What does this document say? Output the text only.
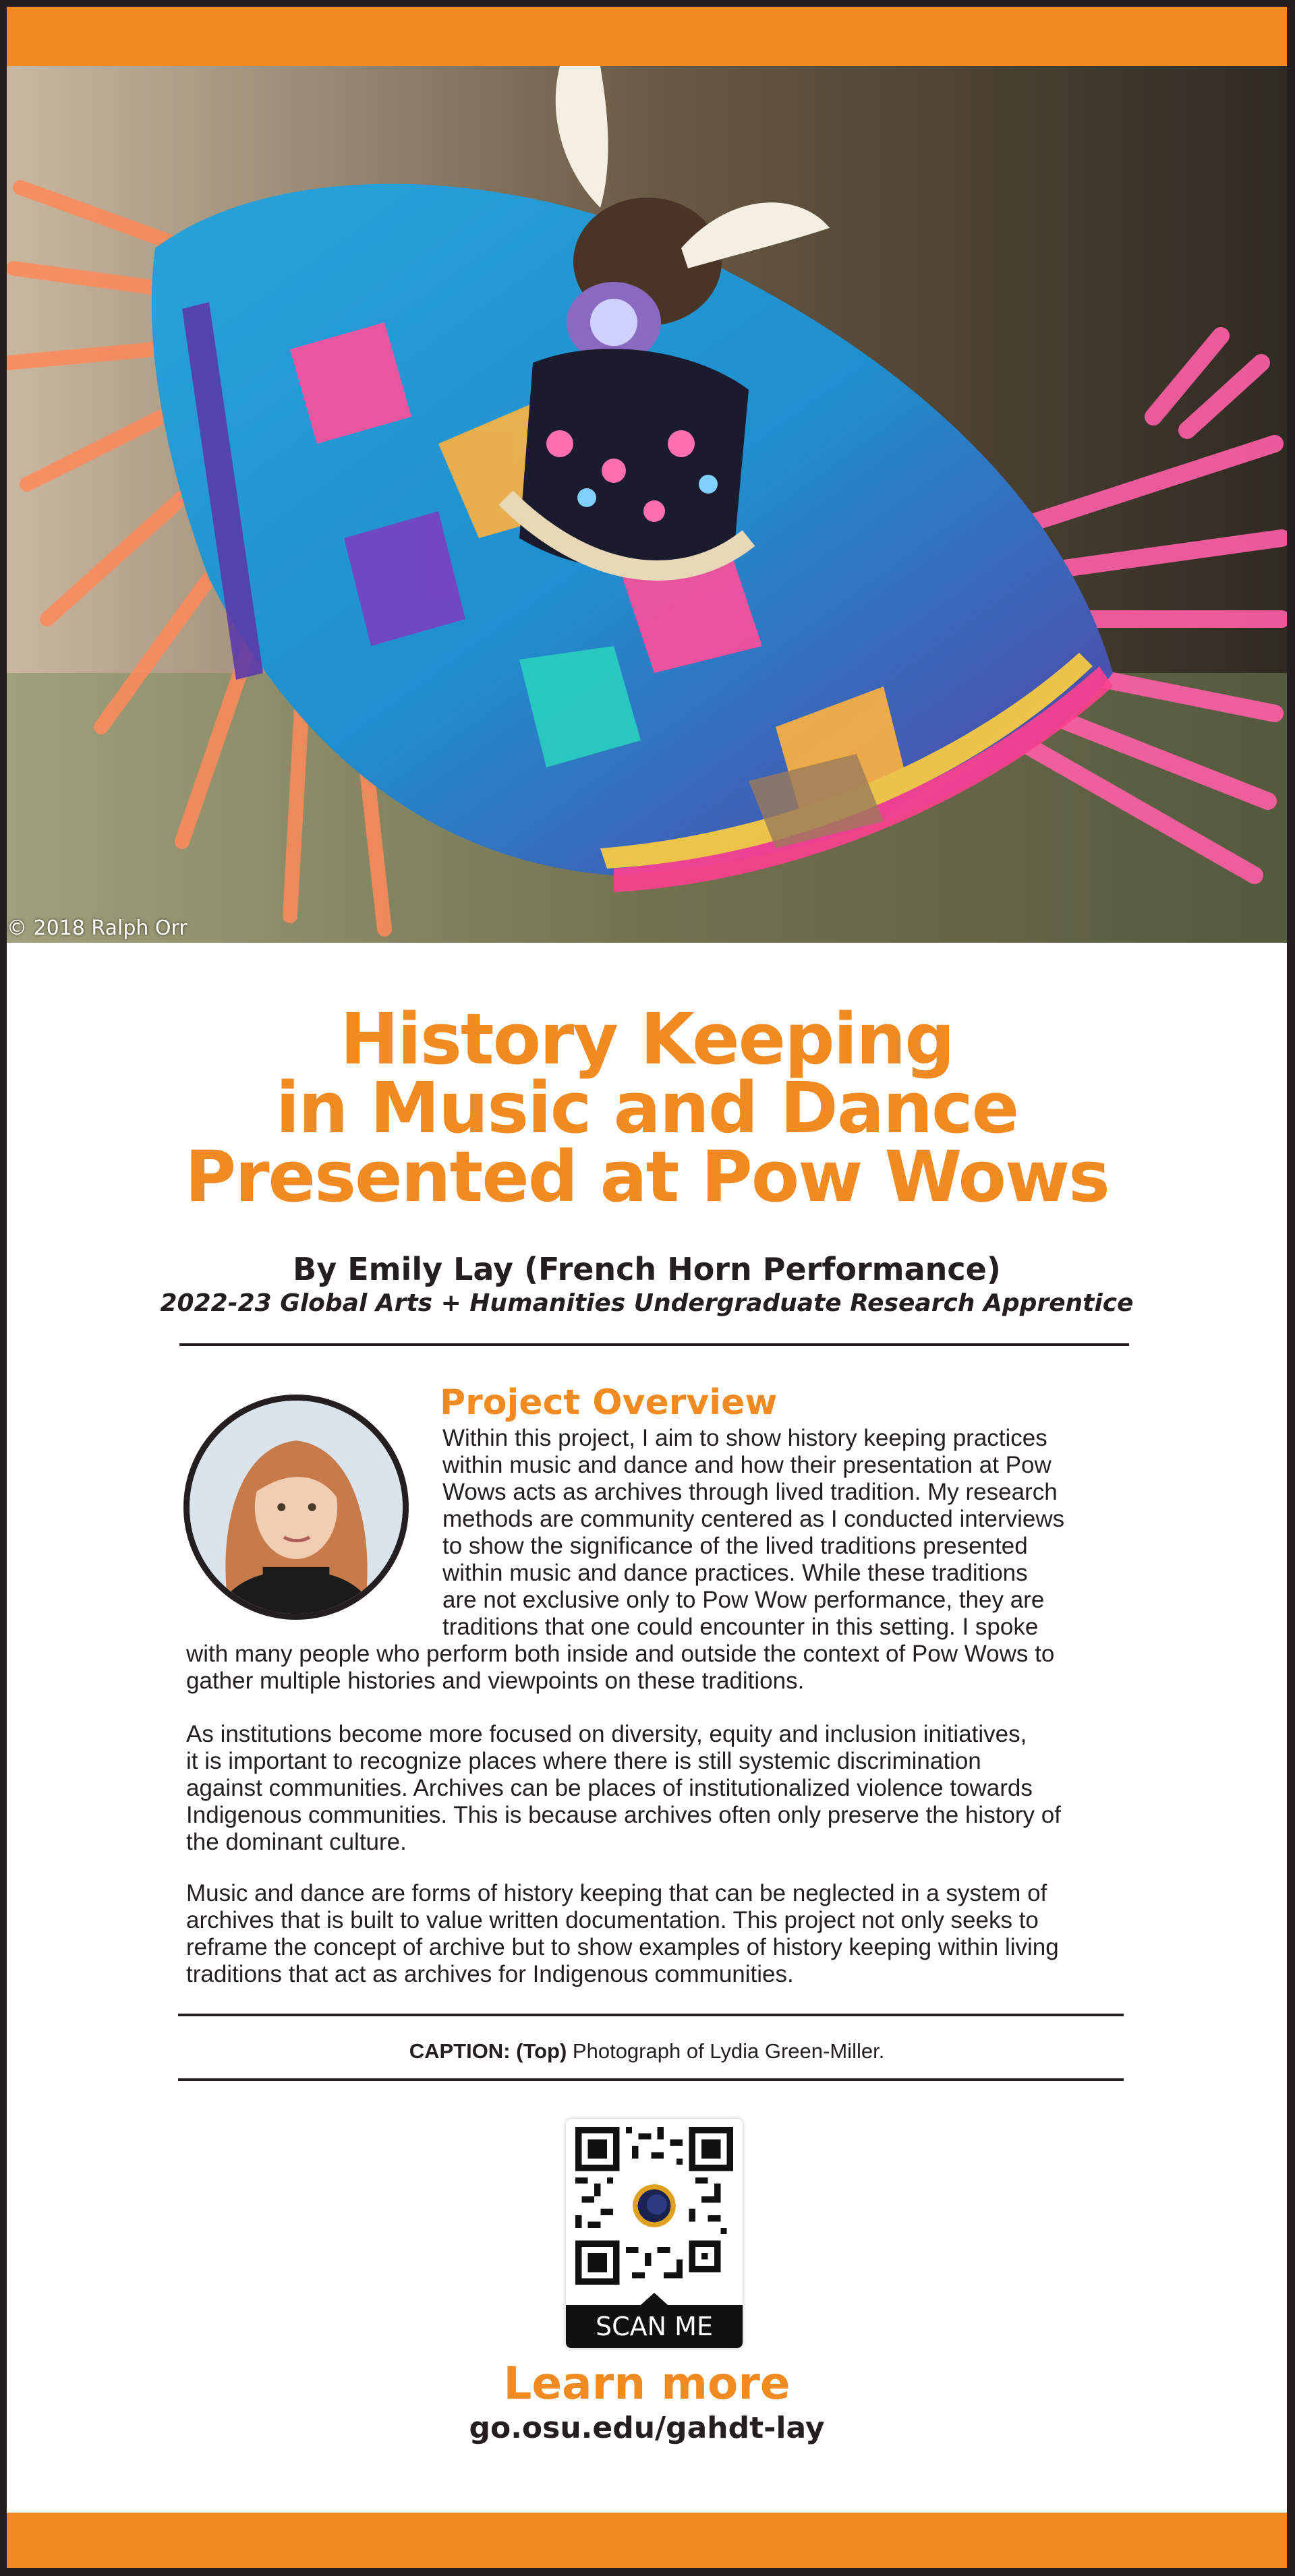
© 2018 Ralph Orr
History Keeping
in Music and Dance
Presented at Pow Wows
By Emily Lay (French Horn Performance)
2022-23 Global Arts + Humanities Undergraduate Research Apprentice
Project Overview
Within this project, I aim to show history keeping practices
within music and dance and how their presentation at Pow
Wows acts as archives through lived tradition. My research
methods are community centered as I conducted interviews
to show the significance of the lived traditions presented
within music and dance practices. While these traditions
are not exclusive only to Pow Wow performance, they are
traditions that one could encounter in this setting. I spoke
with many people who perform both inside and outside the context of Pow Wows to
gather multiple histories and viewpoints on these traditions.
As institutions become more focused on diversity, equity and inclusion initiatives,
it is important to recognize places where there is still systemic discrimination
against communities. Archives can be places of institutionalized violence towards
Indigenous communities. This is because archives often only preserve the history of
the dominant culture.
Music and dance are forms of history keeping that can be neglected in a system of
archives that is built to value written documentation. This project not only seeks to
reframe the concept of archive but to show examples of history keeping within living
traditions that act as archives for Indigenous communities.
CAPTION: (Top) Photograph of Lydia Green-Miller.
SCAN ME
Learn more
go.osu.edu/gahdt-lay
